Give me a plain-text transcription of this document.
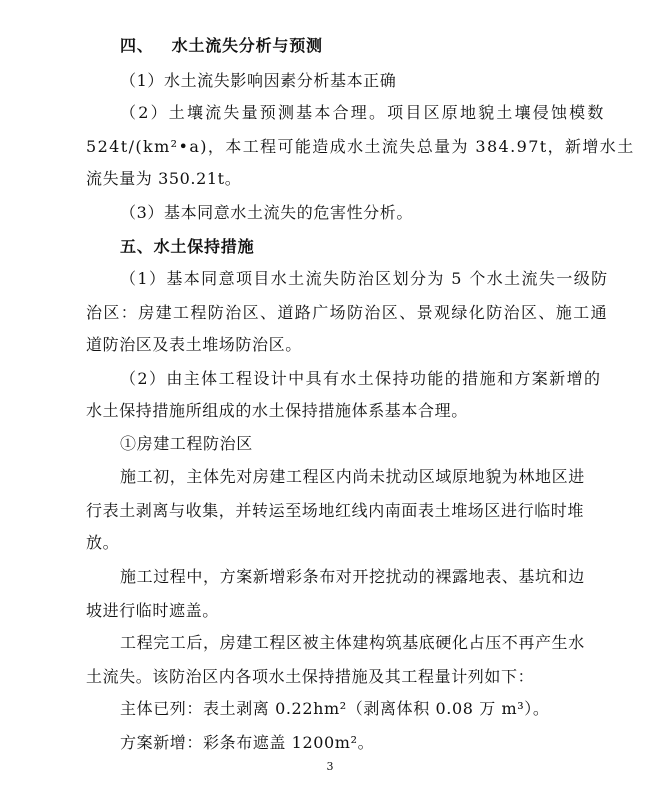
四、 水土流失分析与预测
（1）水土流失影响因素分析基本正确
（2）土壤流失量预测基本合理。项目区原地貌土壤侵蚀模数
524t/(km²•a)，本工程可能造成水土流失总量为 384.97t，新增水土
流失量为 350.21t。
（3）基本同意水土流失的危害性分析。
五、水土保持措施
（1）基本同意项目水土流失防治区划分为 5 个水土流失一级防
治区：房建工程防治区、道路广场防治区、景观绿化防治区、施工通
道防治区及表土堆场防治区。
（2）由主体工程设计中具有水土保持功能的措施和方案新增的
水土保持措施所组成的水土保持措施体系基本合理。
①房建工程防治区
施工初，主体先对房建工程区内尚未扰动区域原地貌为林地区进
行表土剥离与收集，并转运至场地红线内南面表土堆场区进行临时堆
放。
施工过程中，方案新增彩条布对开挖扰动的裸露地表、基坑和边
坡进行临时遮盖。
工程完工后，房建工程区被主体建构筑基底硬化占压不再产生水
土流失。该防治区内各项水土保持措施及其工程量计列如下：
主体已列：表土剥离 0.22hm²（剥离体积 0.08 万 m³）。
方案新增：彩条布遮盖 1200m²。
3
